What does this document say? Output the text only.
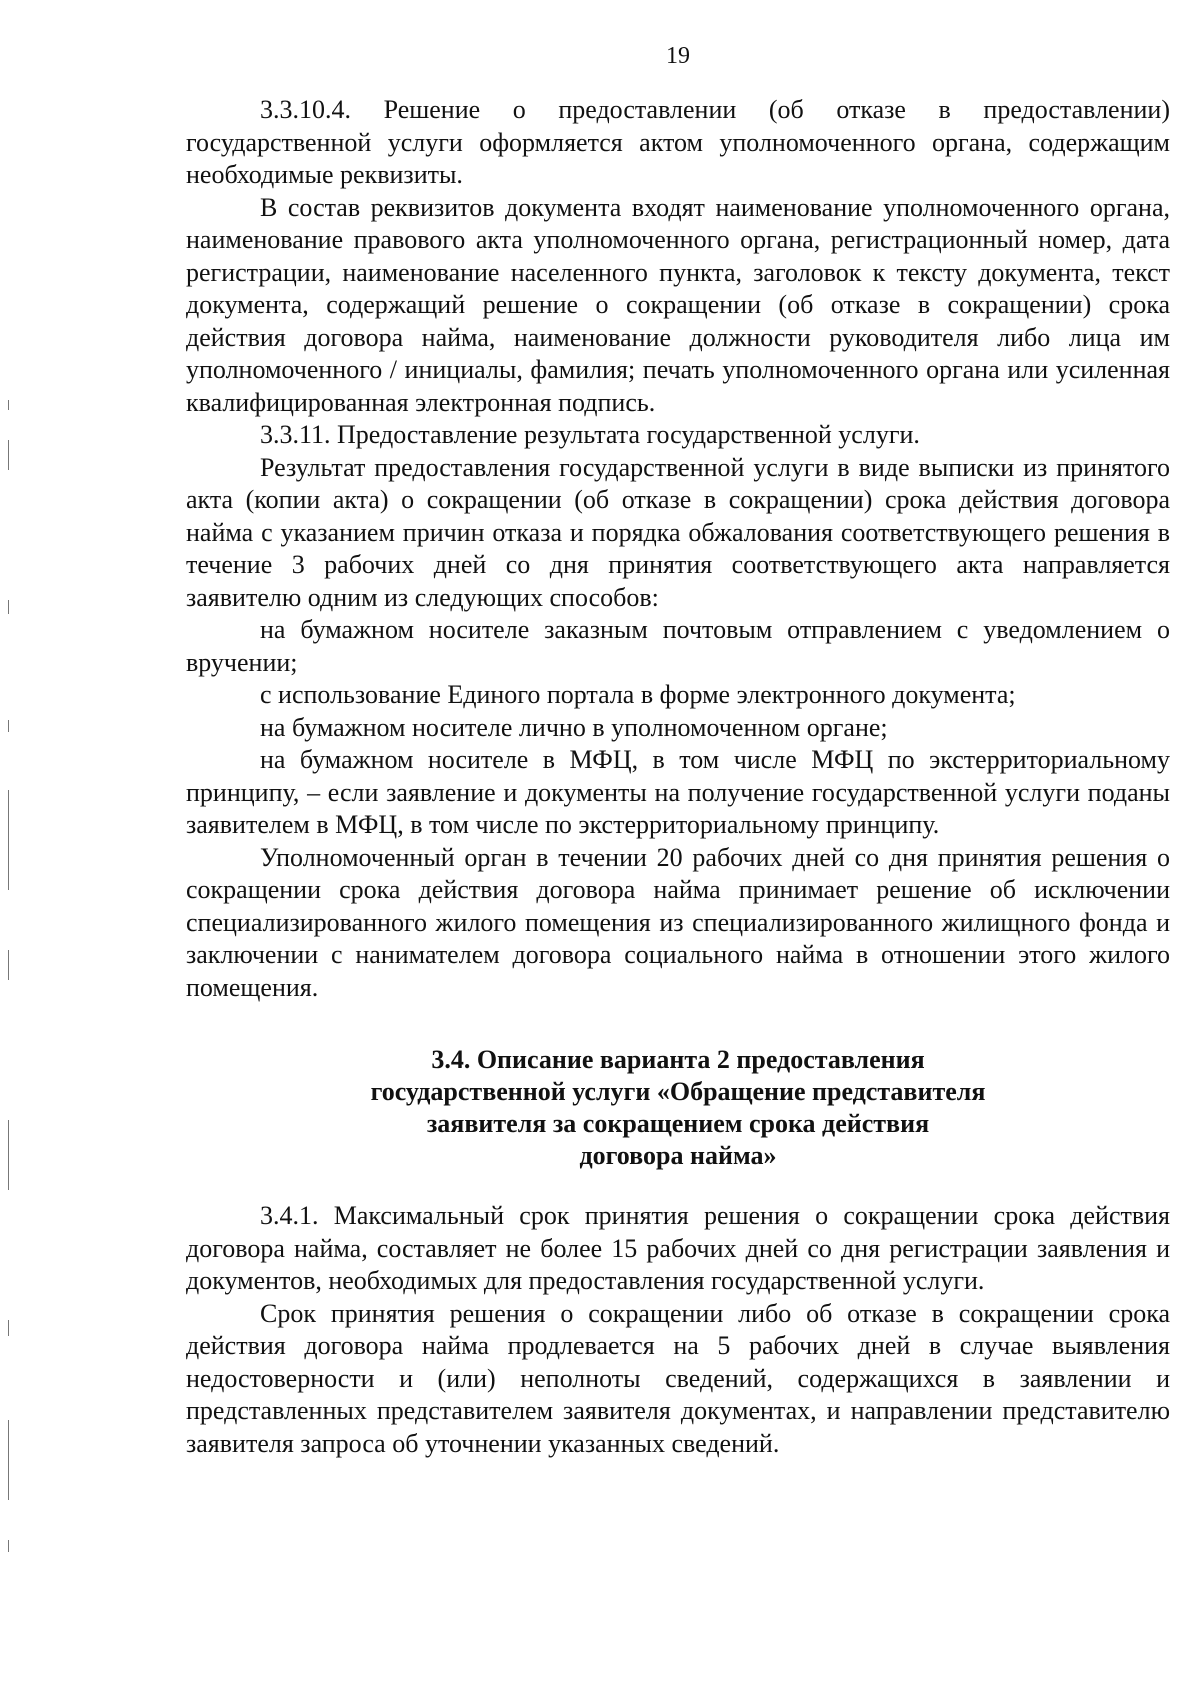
19

3.3.10.4. Решение о предоставлении (об отказе в предоставлении) государственной услуги оформляется актом уполномоченного органа, содержащим необходимые реквизиты.

В состав реквизитов документа входят наименование уполномоченного органа, наименование правового акта уполномоченного органа, регистрационный номер, дата регистрации, наименование населенного пункта, заголовок к тексту документа, текст документа, содержащий решение о сокращении (об отказе в сокращении) срока действия договора найма, наименование должности руководителя либо лица им уполномоченного / инициалы, фамилия; печать уполномоченного органа или усиленная квалифицированная электронная подпись.

3.3.11. Предоставление результата государственной услуги.

Результат предоставления государственной услуги в виде выписки из принятого акта (копии акта) о сокращении (об отказе в сокращении) срока действия договора найма с указанием причин отказа и порядка обжалования соответствующего решения в течение 3 рабочих дней со дня принятия соответствующего акта направляется заявителю одним из следующих способов:

на бумажном носителе заказным почтовым отправлением с уведомлением о вручении;

с использование Единого портала в форме электронного документа;

на бумажном носителе лично в уполномоченном органе;

на бумажном носителе в МФЦ, в том числе МФЦ по экстерриториальному принципу, – если заявление и документы на получение государственной услуги поданы заявителем в МФЦ, в том числе по экстерриториальному принципу.

Уполномоченный орган в течении 20 рабочих дней со дня принятия решения о сокращении срока действия договора найма принимает решение об исключении специализированного жилого помещения из специализированного жилищного фонда и заключении с нанимателем договора социального найма в отношении этого жилого помещения.

3.4. Описание варианта 2 предоставления
государственной услуги «Обращение представителя
заявителя за сокращением срока действия
договора найма»

3.4.1. Максимальный срок принятия решения о сокращении срока действия договора найма, составляет не более 15 рабочих дней со дня регистрации заявления и документов, необходимых для предоставления государственной услуги.

Срок принятия решения о сокращении либо об отказе в сокращении срока действия договора найма продлевается на 5 рабочих дней в случае выявления недостоверности и (или) неполноты сведений, содержащихся в заявлении и представленных представителем заявителя документах, и направлении представителю заявителя запроса об уточнении указанных сведений.
